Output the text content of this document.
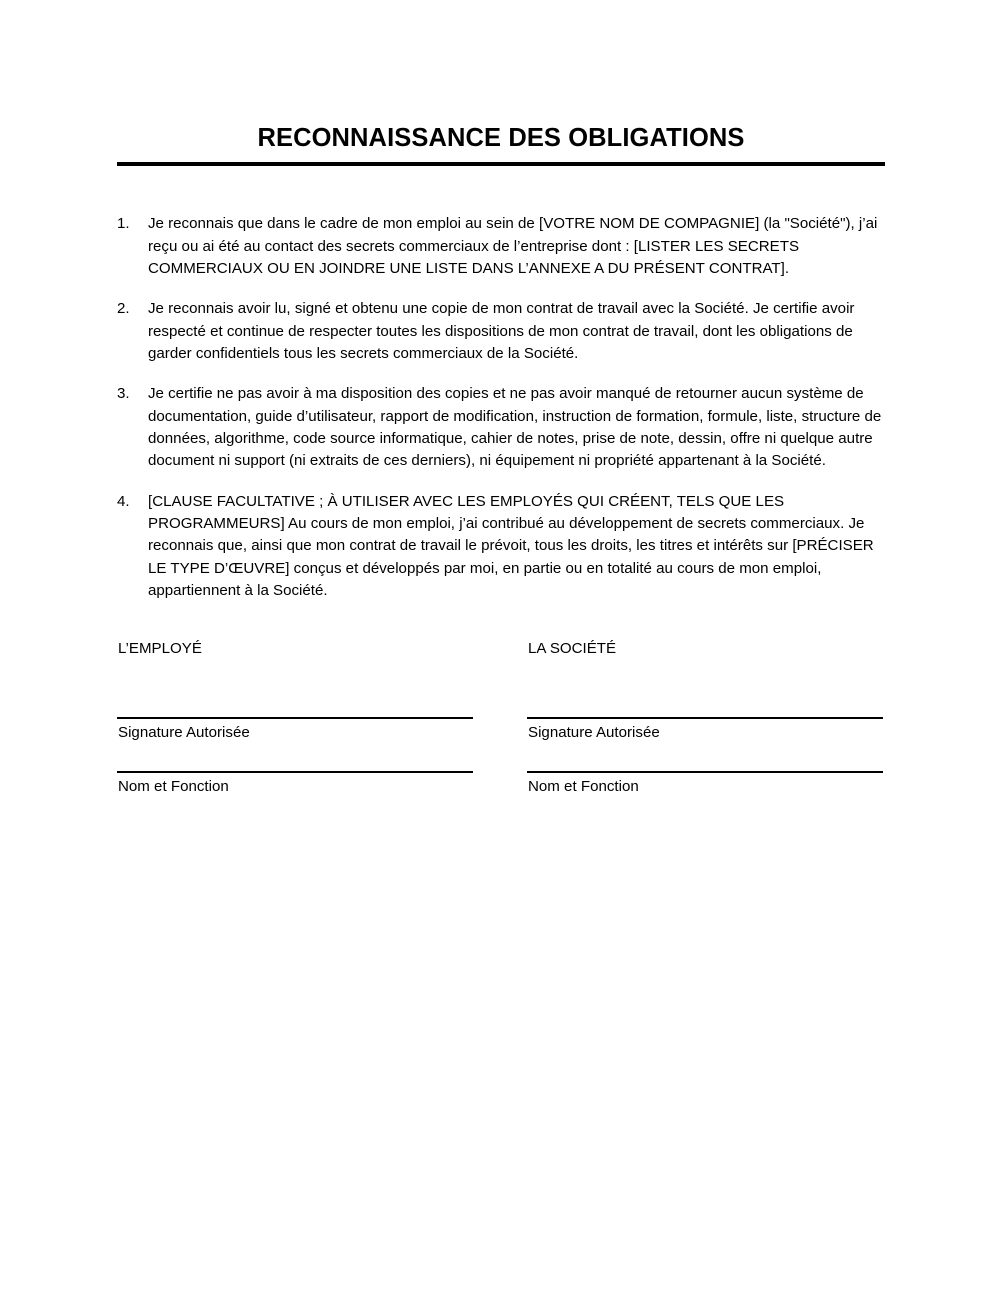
RECONNAISSANCE DES OBLIGATIONS
1.	Je reconnais que dans le cadre de mon emploi au sein de [VOTRE NOM DE COMPAGNIE] (la "Société"), j’ai reçu ou ai été au contact des secrets commerciaux de l’entreprise dont : [LISTER LES SECRETS COMMERCIAUX OU EN JOINDRE UNE LISTE DANS L’ANNEXE A DU PRÉSENT CONTRAT].
2.	Je reconnais avoir lu, signé et obtenu une copie de mon contrat de travail avec la Société. Je certifie avoir respecté et continue de respecter toutes les dispositions de mon contrat de travail, dont les obligations de garder confidentiels tous les secrets commerciaux de la Société.
3.	Je certifie ne pas avoir à ma disposition des copies et ne pas avoir manqué de retourner aucun système de documentation, guide d’utilisateur, rapport de modification, instruction de formation, formule, liste, structure de données, algorithme, code source informatique, cahier de notes, prise de note, dessin, offre ni quelque autre document ni support (ni extraits de ces derniers), ni équipement ni propriété appartenant à la Société.
4.	[CLAUSE FACULTATIVE ; À UTILISER AVEC LES EMPLOYÉS QUI CRÉENT, TELS QUE LES PROGRAMMEURS] Au cours de mon emploi, j’ai contribué au développement de secrets commerciaux. Je reconnais que, ainsi que mon contrat de travail le prévoit, tous les droits, les titres et intérêts sur [PRÉCISER LE TYPE D’ŒUVRE] conçus et développés par moi, en partie ou en totalité au cours de mon emploi, appartiennent à la Société.
L’EMPLOYÉ
Signature Autorisée
Nom et Fonction
LA SOCIÉTÉ
Signature Autorisée
Nom et Fonction
